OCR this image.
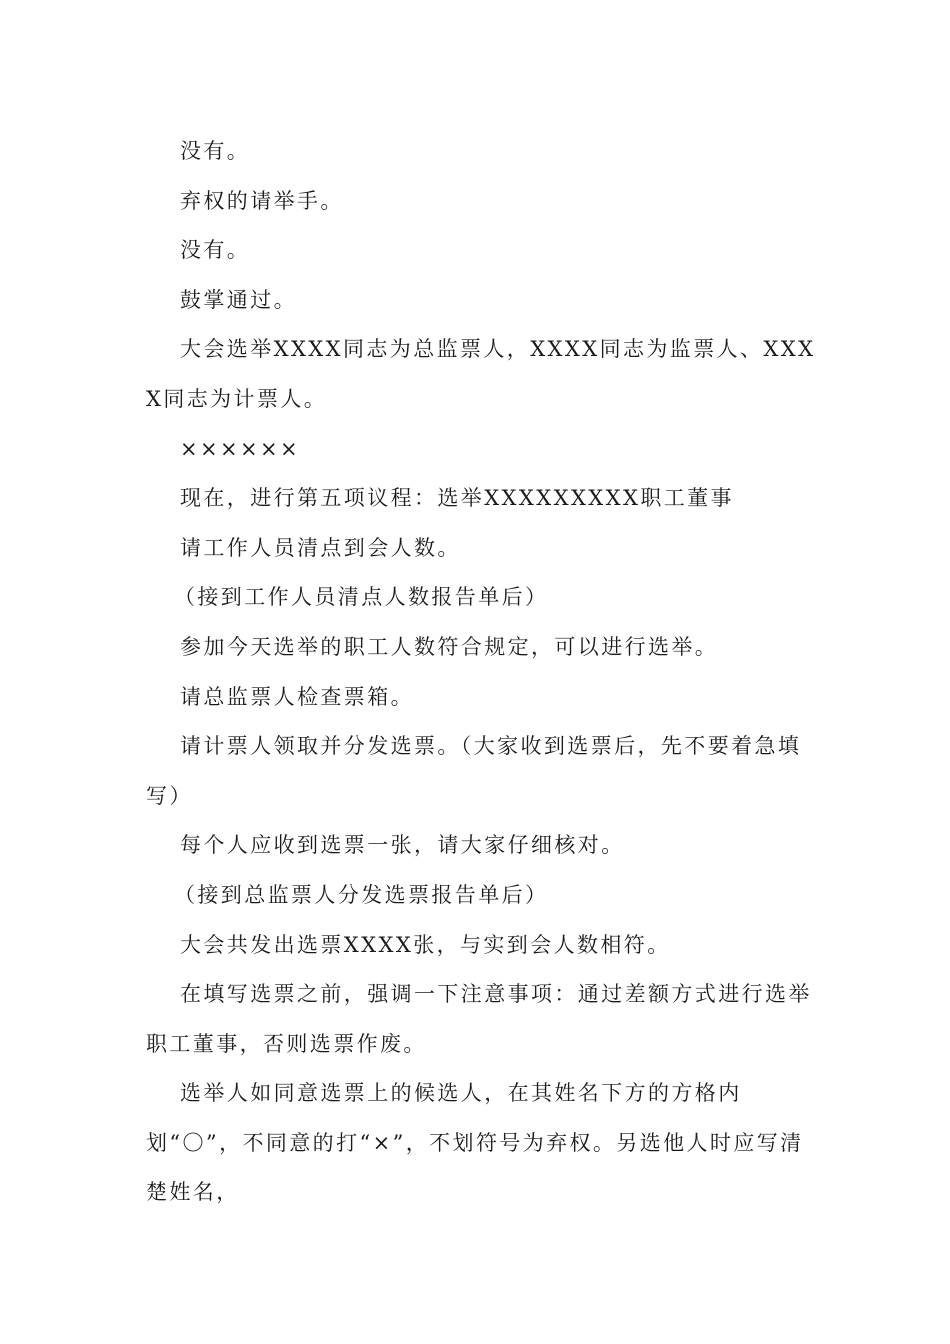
没有。

弃权的请举手。

没有。

鼓掌通过。

大会选举XXXX同志为总监票人，XXXX同志为监票人、XXXX同志为计票人。

××××××

现在，进行第五项议程：选举XXXXXXXXX职工董事

请工作人员清点到会人数。

（接到工作人员清点人数报告单后）

参加今天选举的职工人数符合规定，可以进行选举。

请总监票人检查票箱。

请计票人领取并分发选票。（大家收到选票后，先不要着急填写）

每个人应收到选票一张，请大家仔细核对。

（接到总监票人分发选票报告单后）

大会共发出选票XXXX张，与实到会人数相符。

在填写选票之前，强调一下注意事项：通过差额方式进行选举职工董事，否则选票作废。

选举人如同意选票上的候选人，在其姓名下方的方格内划“〇”，不同意的打“×”，不划符号为弃权。另选他人时应写清楚姓名，
